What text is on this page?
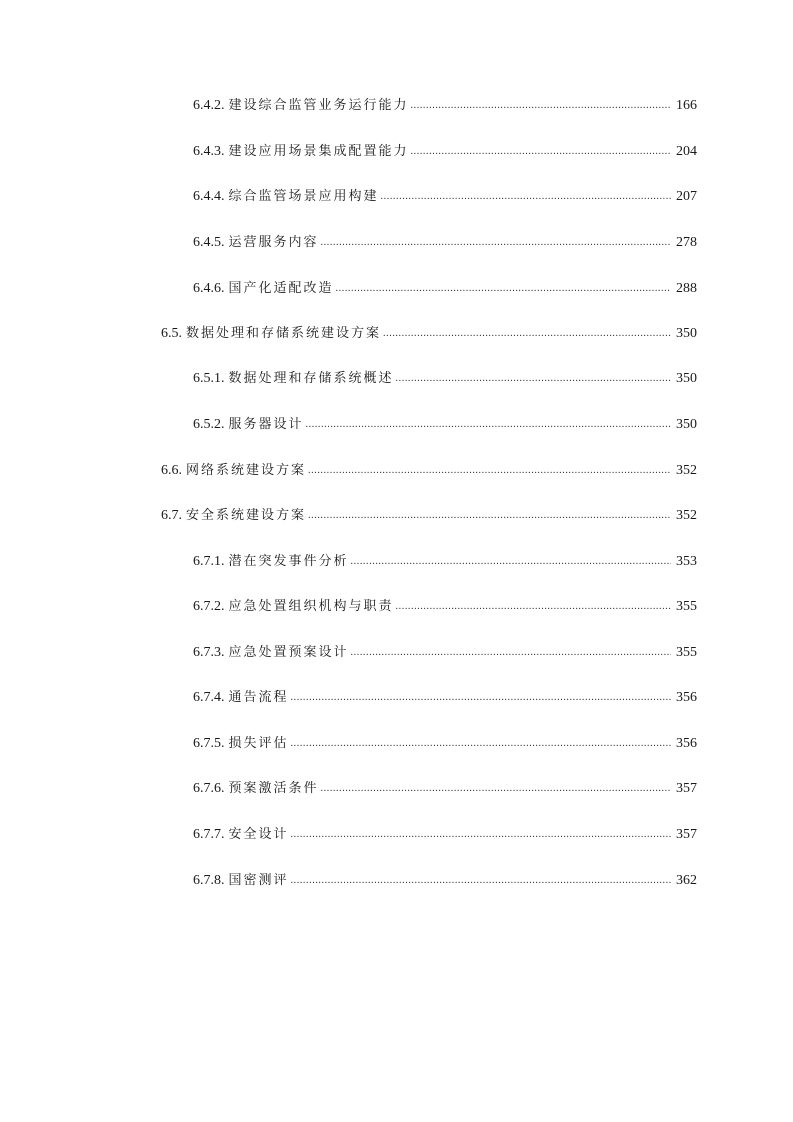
6.4.2. 建设综合监管业务运行能力 .....	166
6.4.3. 建设应用场景集成配置能力 .....	204
6.4.4. 综合监管场景应用构建 .....	207
6.4.5. 运营服务内容 .....	278
6.4.6. 国产化适配改造 .....	288
6.5. 数据处理和存储系统建设方案 .....	350
6.5.1. 数据处理和存储系统概述 .....	350
6.5.2. 服务器设计 .....	350
6.6. 网络系统建设方案 .....	352
6.7. 安全系统建设方案 .....	352
6.7.1. 潜在突发事件分析 .....	353
6.7.2. 应急处置组织机构与职责 .....	355
6.7.3. 应急处置预案设计 .....	355
6.7.4. 通告流程 .....	356
6.7.5. 损失评估 .....	356
6.7.6. 预案激活条件 .....	357
6.7.7. 安全设计 .....	357
6.7.8. 国密测评 .....	362
